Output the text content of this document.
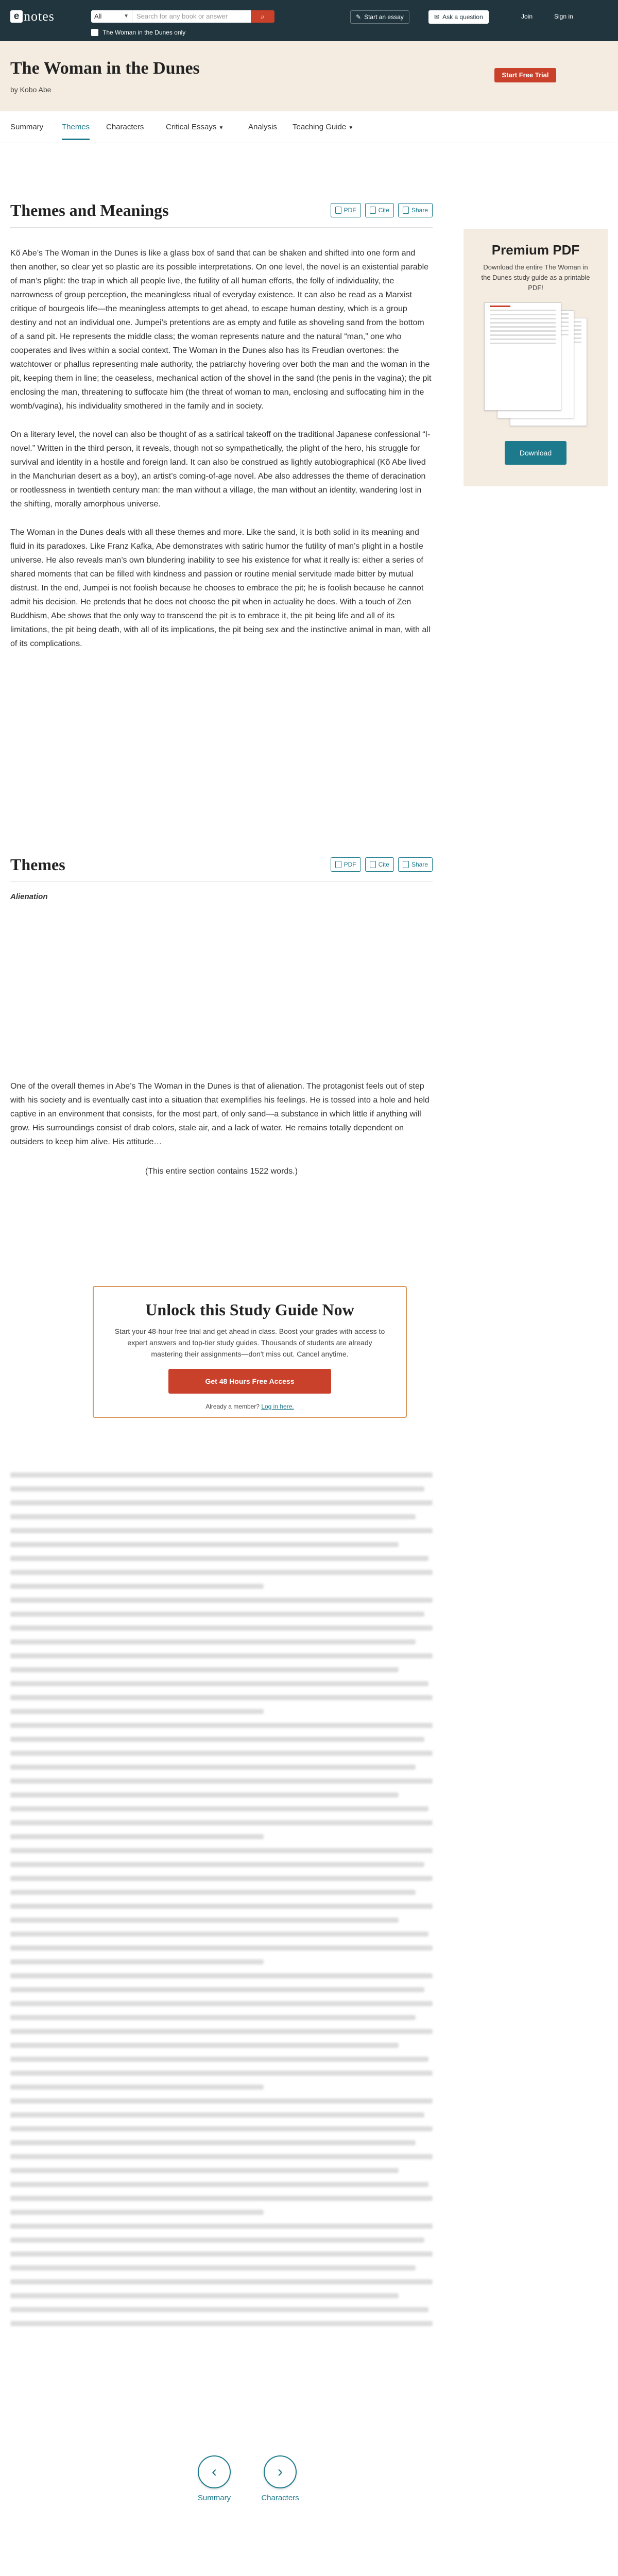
e notes	All	▼	Search for any book or answer	⌕
The Woman in the Dunes only
✎ Start an essay	✉ Ask a question	Join	Sign in
The Woman in the Dunes
by Kobo Abe
Start Free Trial
Summary Themes Characters	Critical Essays ▼	Analysis Teaching Guide ▼
Themes and Meanings	PDF	Cite	Share

Kõ Abe’s The Woman in the Dunes is like a glass box of sand that can be shaken and shifted into one form and then another, so clear yet so plastic are its possible interpretations. On one level, the novel is an existential parable of man’s plight: the trap in which all people live, the futility of all human efforts, the folly of individuality, the narrowness of group perception, the meaningless ritual of everyday existence. It can also be read as a Marxist critique of bourgeois life—the meaningless attempts to get ahead, to escape human destiny, which is a group destiny and not an individual one. Jumpei’s pretentions are as empty and futile as shoveling sand from the bottom of a sand pit. He represents the middle class; the woman represents nature and the natural “man,” one who cooperates and lives within a social context. The Woman in the Dunes also has its Freudian overtones: the watchtower or phallus representing male authority, the patriarchy hovering over both the man and the woman in the pit, keeping them in line; the ceaseless, mechanical action of the shovel in the sand (the penis in the vagina); the pit enclosing the man, threatening to suffocate him (the threat of woman to man, enclosing and suffocating him in the womb/vagina), his individuality smothered in the family and in society.

On a literary level, the novel can also be thought of as a satirical takeoff on the traditional Japanese confessional “I-novel.” Written in the third person, it reveals, though not so sympathetically, the plight of the hero, his struggle for survival and identity in a hostile and foreign land. It can also be construed as lightly autobiographical (Kõ Abe lived in the Manchurian desert as a boy), an artist’s coming-of-age novel. Abe also addresses the theme of deracination or rootlessness in twentieth century man: the man without a village, the man without an identity, wandering lost in the shifting, morally amorphous universe.

The Woman in the Dunes deals with all these themes and more. Like the sand, it is both solid in its meaning and fluid in its paradoxes. Like Franz Kafka, Abe demonstrates with satiric humor the futility of man’s plight in a hostile universe. He also reveals man’s own blundering inability to see his existence for what it really is: either a series of shared moments that can be filled with kindness and passion or routine menial servitude made bitter by mutual distrust. In the end, Jumpei is not foolish because he chooses to embrace the pit; he is foolish because he cannot admit his decision. He pretends that he does not choose the pit when in actuality he does. With a touch of Zen Buddhism, Abe shows that the only way to transcend the pit is to embrace it, the pit being life and all of its limitations, the pit being death, with all of its implications, the pit being sex and the instinctive animal in man, with all of its complications.

Premium PDF
Download the entire The Woman in the Dunes study guide as a printable PDF!
Download
Themes	PDF	Cite	Share
Alienation

One of the overall themes in Abe’s The Woman in the Dunes is that of alienation. The protagonist feels out of step with his society and is eventually cast into a situation that exemplifies his feelings. He is tossed into a hole and held captive in an environment that consists, for the most part, of only sand—a substance in which little if anything will grow. His surroundings consist of drab colors, stale air, and a lack of water. He remains totally dependent on outsiders to keep him alive. His attitude…

(This entire section contains 1522 words.)

Unlock this Study Guide Now
Start your 48-hour free trial and get ahead in class. Boost your grades with access to expert answers and top-tier study guides. Thousands of students are already mastering their assignments—don't miss out. Cancel anytime.
Get 48 Hours Free Access
Already a member? Log in here.
‹
Summary
›
Characters
